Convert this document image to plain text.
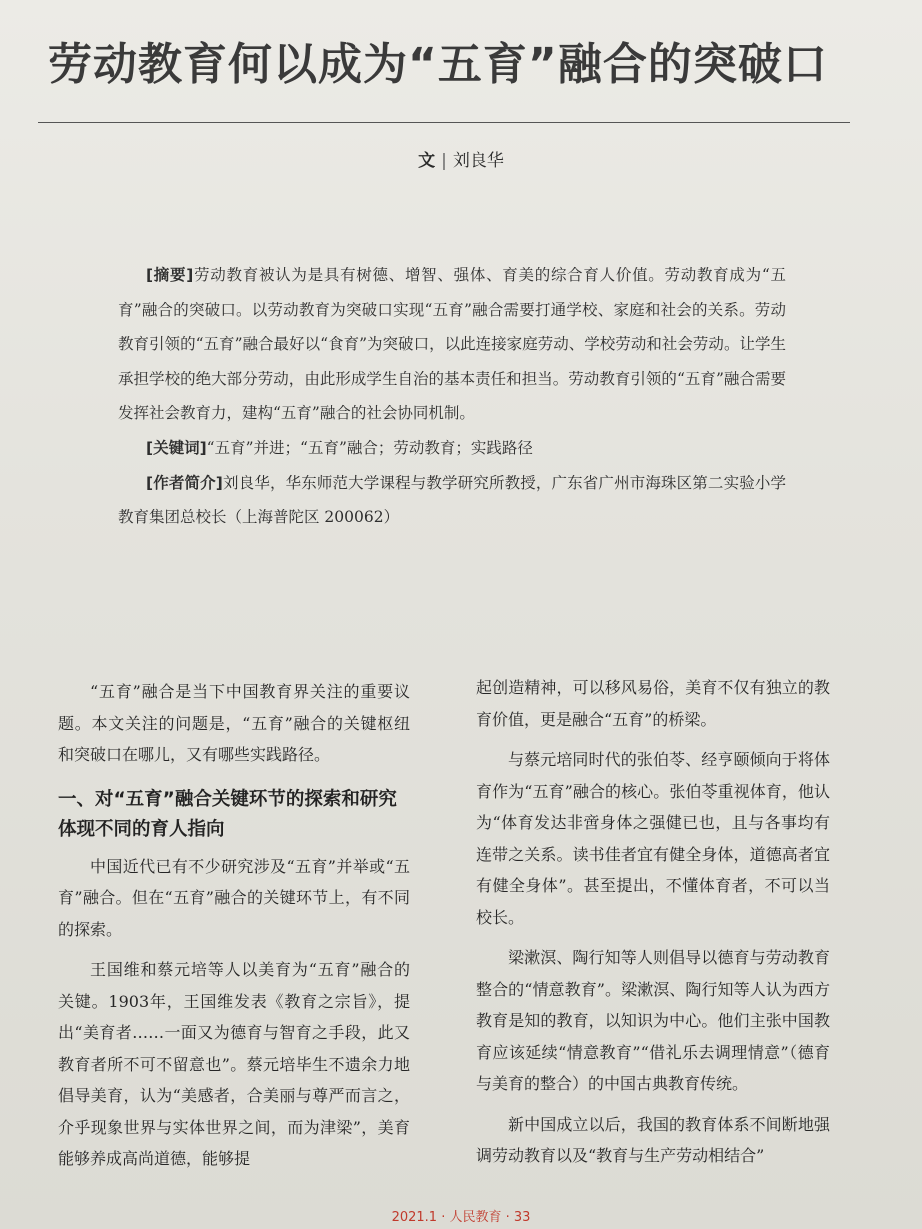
劳动教育何以成为“五育”融合的突破口
文 | 刘良华

[摘要]劳动教育被认为是具有树德、增智、强体、育美的综合育人价值。劳动教育成为“五育”融合的突破口。以劳动教育为突破口实现“五育”融合需要打通学校、家庭和社会的关系。劳动教育引领的“五育”融合最好以“食育”为突破口，以此连接家庭劳动、学校劳动和社会劳动。让学生承担学校的绝大部分劳动，由此形成学生自治的基本责任和担当。劳动教育引领的“五育”融合需要发挥社会教育力，建构“五育”融合的社会协同机制。

[关键词]“五育”并进；“五育”融合；劳动教育；实践路径

[作者简介]刘良华，华东师范大学课程与教学研究所教授，广东省广州市海珠区第二实验小学教育集团总校长（上海普陀区 200062）

“五育”融合是当下中国教育界关注的重要议题。本文关注的问题是，“五育”融合的关键枢纽和突破口在哪儿，又有哪些实践路径。

一、对“五育”融合关键环节的探索和研究体现不同的育人指向

中国近代已有不少研究涉及“五育”并举或“五育”融合。但在“五育”融合的关键环节上，有不同的探索。

王国维和蔡元培等人以美育为“五育”融合的关键。1903年，王国维发表《教育之宗旨》，提出“美育者……一面又为德育与智育之手段，此又教育者所不可不留意也”。蔡元培毕生不遗余力地倡导美育，认为“美感者，合美丽与尊严而言之，介乎现象世界与实体世界之间，而为津梁”，美育能够养成高尚道德，能够提

起创造精神，可以移风易俗，美育不仅有独立的教育价值，更是融合“五育”的桥梁。

与蔡元培同时代的张伯苓、经亨颐倾向于将体育作为“五育”融合的核心。张伯苓重视体育，他认为“体育发达非啻身体之强健已也，且与各事均有连带之关系。读书佳者宜有健全身体，道德高者宜有健全身体”。甚至提出，不懂体育者，不可以当校长。

梁漱溟、陶行知等人则倡导以德育与劳动教育整合的“情意教育”。梁漱溟、陶行知等人认为西方教育是知的教育，以知识为中心。他们主张中国教育应该延续“情意教育”“借礼乐去调理情意”（德育与美育的整合）的中国古典教育传统。

新中国成立以后，我国的教育体系不间断地强调劳动教育以及“教育与生产劳动相结合”

2021.1 · 人民教育 · 33
